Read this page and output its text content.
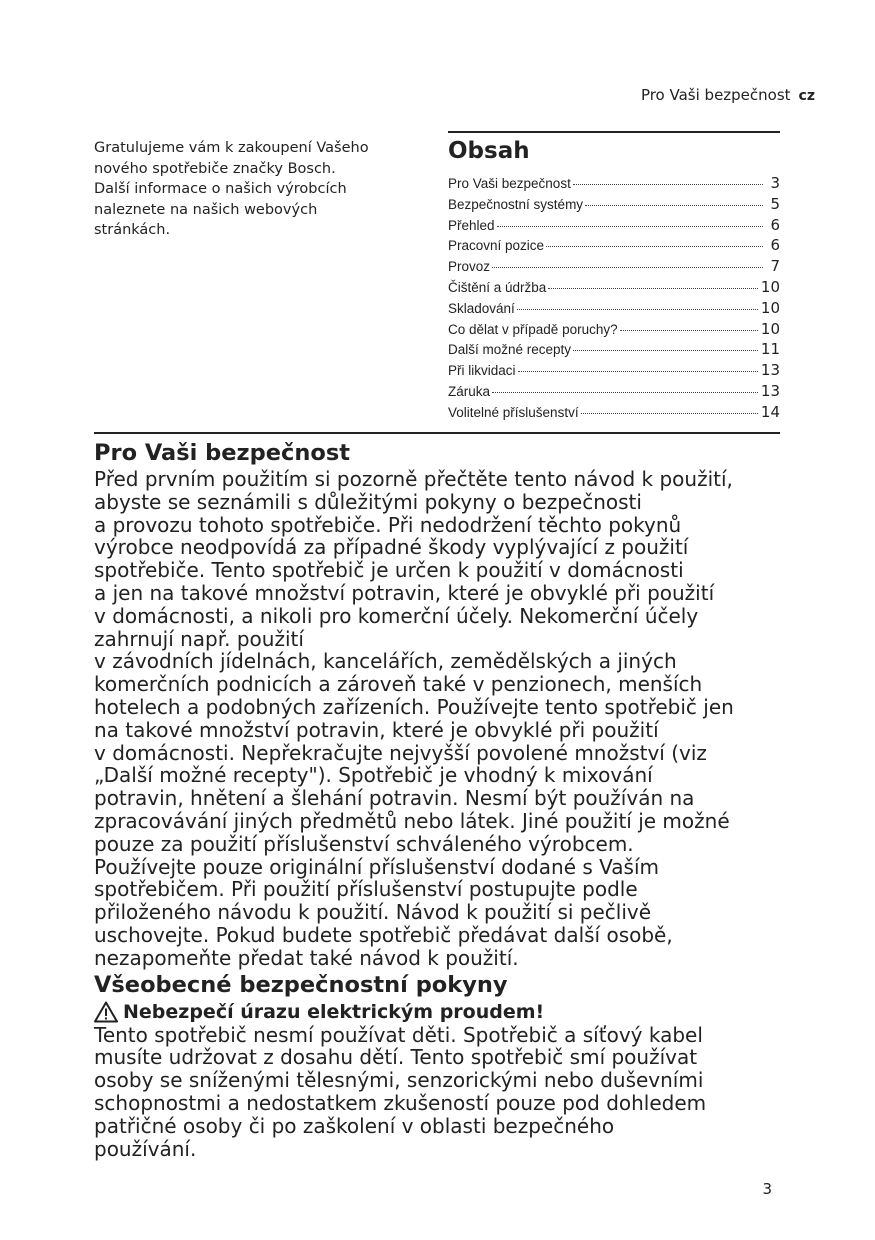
Pro Vaši bezpečnost cz

Gratulujeme vám k zakoupení Vašeho
nového spotřebiče značky Bosch.
Další informace o našich výrobcích
naleznete na našich webových
stránkách.

Obsah
Pro Vaši bezpečnost	3
Bezpečnostní systémy	5
Přehled	6
Pracovní pozice	6
Provoz	7
Čištění a údržba	10
Skladování	10
Co dělat v případě poruchy?	10
Další možné recepty	11
Při likvidaci	13
Záruka	13
Volitelné příslušenství	14
Pro Vaši bezpečnost

Před prvním použitím si pozorně přečtěte tento návod k použití,
abyste se seznámili s důležitými pokyny o bezpečnosti
a provozu tohoto spotřebiče. Při nedodržení těchto pokynů
výrobce neodpovídá za případné škody vyplývající z použití
spotřebiče. Tento spotřebič je určen k použití v domácnosti
a jen na takové množství potravin, které je obvyklé při použití
v domácnosti, a nikoli pro komerční účely. Nekomerční účely
zahrnují např. použití
v závodních jídelnách, kancelářích, zemědělských a jiných
komerčních podnicích a zároveň také v penzionech, menších
hotelech a podobných zařízeních. Používejte tento spotřebič jen
na takové množství potravin, které je obvyklé při použití
v domácnosti. Nepřekračujte nejvyšší povolené množství (viz
„Další možné recepty"). Spotřebič je vhodný k mixování
potravin, hnětení a šlehání potravin. Nesmí být používán na
zpracovávání jiných předmětů nebo látek. Jiné použití je možné
pouze za použití příslušenství schváleného výrobcem.
Používejte pouze originální příslušenství dodané s Vaším
spotřebičem. Při použití příslušenství postupujte podle
přiloženého návodu k použití. Návod k použití si pečlivě
uschovejte. Pokud budete spotřebič předávat další osobě,
nezapomeňte předat také návod k použití.

Všeobecné bezpečnostní pokyny

Nebezpečí úrazu elektrickým proudem!

Tento spotřebič nesmí používat děti. Spotřebič a síťový kabel
musíte udržovat z dosahu dětí. Tento spotřebič smí používat
osoby se sníženými tělesnými, senzorickými nebo duševními
schopnostmi a nedostatkem zkušeností pouze pod dohledem
patřičné osoby či po zaškolení v oblasti bezpečného
používání.

3
